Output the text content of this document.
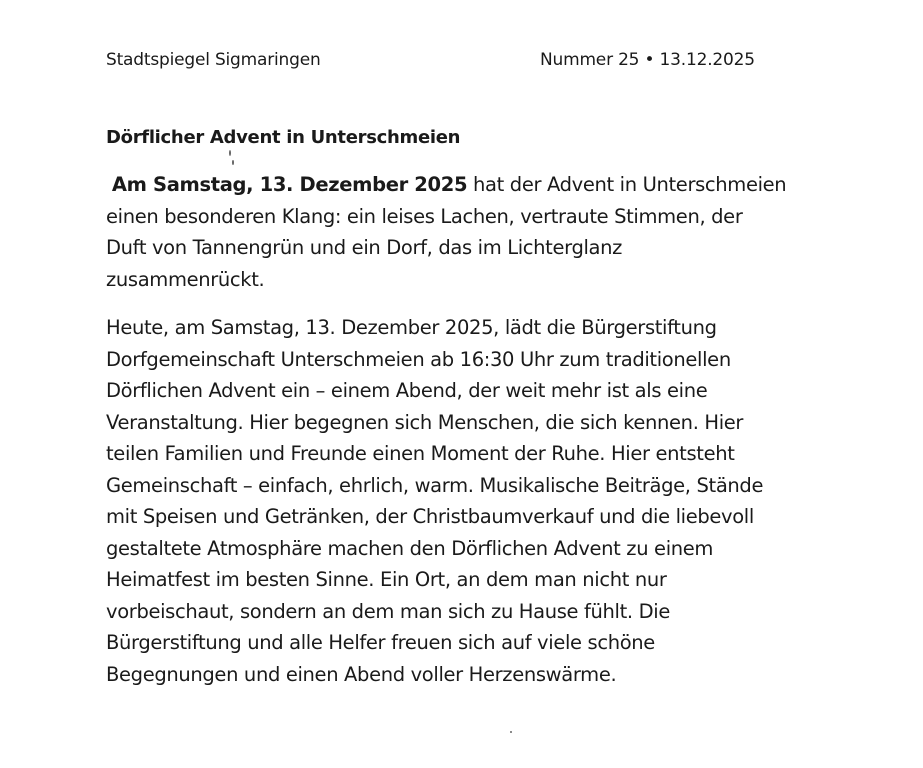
Stadtspiegel Sigmaringen	Nummer 25 • 13.12.2025
Dörflicher Advent in Unterschmeien
Am Samstag, 13. Dezember 2025 hat der Advent in Unterschmeien
einen besonderen Klang: ein leises Lachen, vertraute Stimmen, der
Duft von Tannengrün und ein Dorf, das im Lichterglanz
zusammenrückt.
Heute, am Samstag, 13. Dezember 2025, lädt die Bürgerstiftung
Dorfgemeinschaft Unterschmeien ab 16:30 Uhr zum traditionellen
Dörflichen Advent ein – einem Abend, der weit mehr ist als eine
Veranstaltung. Hier begegnen sich Menschen, die sich kennen. Hier
teilen Familien und Freunde einen Moment der Ruhe. Hier entsteht
Gemeinschaft – einfach, ehrlich, warm. Musikalische Beiträge, Stände
mit Speisen und Getränken, der Christbaumverkauf und die liebevoll
gestaltete Atmosphäre machen den Dörflichen Advent zu einem
Heimatfest im besten Sinne. Ein Ort, an dem man nicht nur
vorbeischaut, sondern an dem man sich zu Hause fühlt. Die
Bürgerstiftung und alle Helfer freuen sich auf viele schöne
Begegnungen und einen Abend voller Herzenswärme.
